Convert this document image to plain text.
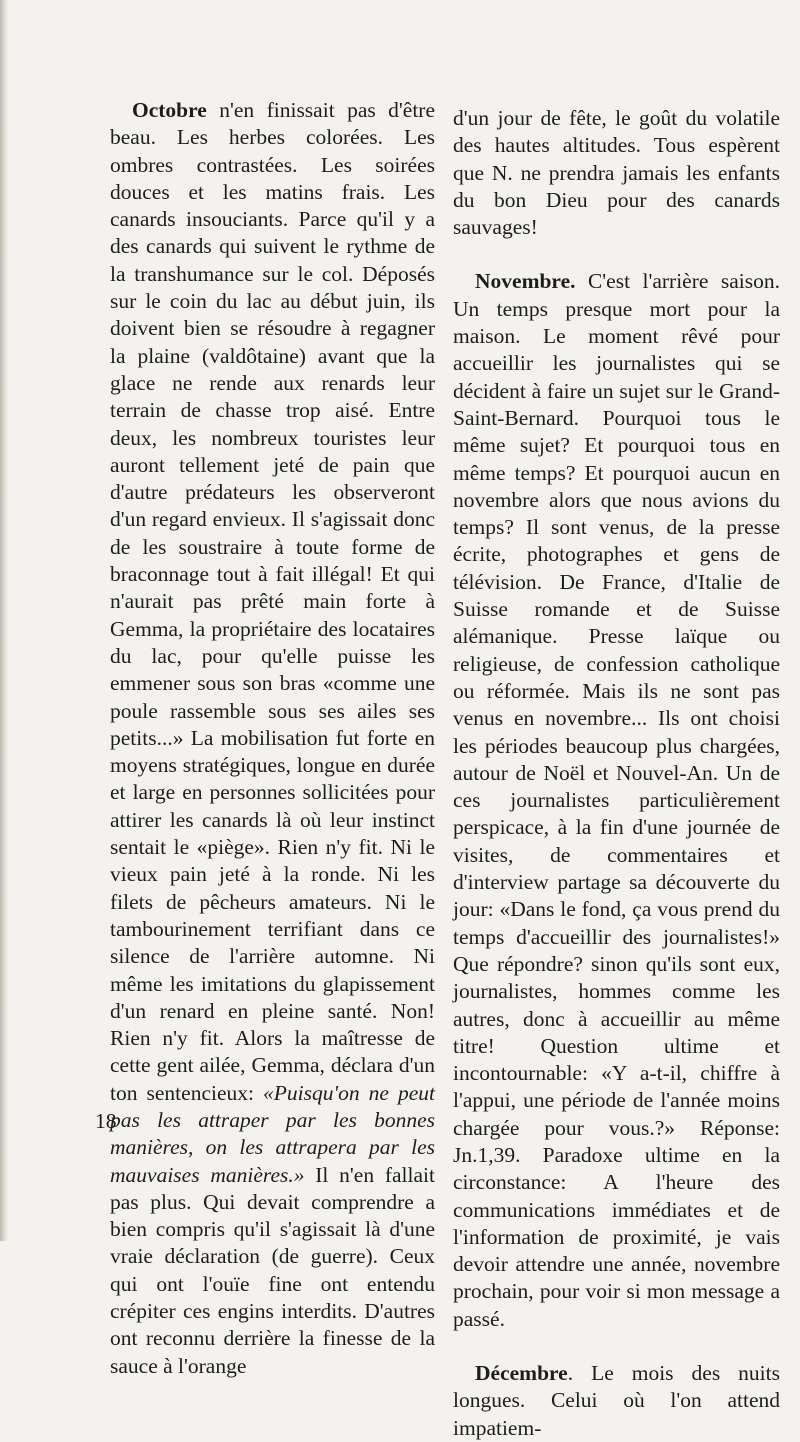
Octobre n'en finissait pas d'être beau. Les herbes colorées. Les ombres contrastées. Les soirées douces et les matins frais. Les canards insouciants. Parce qu'il y a des canards qui suivent le rythme de la transhumance sur le col. Déposés sur le coin du lac au début juin, ils doivent bien se résoudre à regagner la plaine (valdôtaine) avant que la glace ne rende aux renards leur terrain de chasse trop aisé. Entre deux, les nombreux touristes leur auront tellement jeté de pain que d'autre prédateurs les observeront d'un regard envieux. Il s'agissait donc de les soustraire à toute forme de braconnage tout à fait illégal! Et qui n'aurait pas prêté main forte à Gemma, la propriétaire des locataires du lac, pour qu'elle puisse les emmener sous son bras «comme une poule rassemble sous ses ailes ses petits...» La mobilisation fut forte en moyens stratégiques, longue en durée et large en personnes sollicitées pour attirer les canards là où leur instinct sentait le «piège». Rien n'y fit. Ni le vieux pain jeté à la ronde. Ni les filets de pêcheurs amateurs. Ni le tambourinement terrifiant dans ce silence de l'arrière automne. Ni même les imitations du glapissement d'un renard en pleine santé. Non! Rien n'y fit. Alors la maîtresse de cette gent ailée, Gemma, déclara d'un ton sentencieux: «Puisqu'on ne peut pas les attraper par les bonnes manières, on les attrapera par les mauvaises manières.» Il n'en fallait pas plus. Qui devait comprendre a bien compris qu'il s'agissait là d'une vraie déclaration (de guerre). Ceux qui ont l'ouïe fine ont entendu crépiter ces engins interdits. D'autres ont reconnu derrière la finesse de la sauce à l'orange

d'un jour de fête, le goût du volatile des hautes altitudes. Tous espèrent que N. ne prendra jamais les enfants du bon Dieu pour des canards sauvages!

Novembre. C'est l'arrière saison. Un temps presque mort pour la maison. Le moment rêvé pour accueillir les journalistes qui se décident à faire un sujet sur le Grand-Saint-Bernard. Pourquoi tous le même sujet? Et pourquoi tous en même temps? Et pourquoi aucun en novembre alors que nous avions du temps? Il sont venus, de la presse écrite, photographes et gens de télévision. De France, d'Italie de Suisse romande et de Suisse alémanique. Presse laïque ou religieuse, de confession catholique ou réformée. Mais ils ne sont pas venus en novembre... Ils ont choisi les périodes beaucoup plus chargées, autour de Noël et Nouvel-An. Un de ces journalistes particulièrement perspicace, à la fin d'une journée de visites, de commentaires et d'interview partage sa découverte du jour: «Dans le fond, ça vous prend du temps d'accueillir des journalistes!» Que répondre? sinon qu'ils sont eux, journalistes, hommes comme les autres, donc à accueillir au même titre! Question ultime et incontournable: «Y a-t-il, chiffre à l'appui, une période de l'année moins chargée pour vous.?» Réponse: Jn.1,39. Paradoxe ultime en la circonstance: A l'heure des communications immédiates et de l'information de proximité, je vais devoir attendre une année, novembre prochain, pour voir si mon message a passé.

Décembre. Le mois des nuits longues. Celui où l'on attend impatiem-

18
